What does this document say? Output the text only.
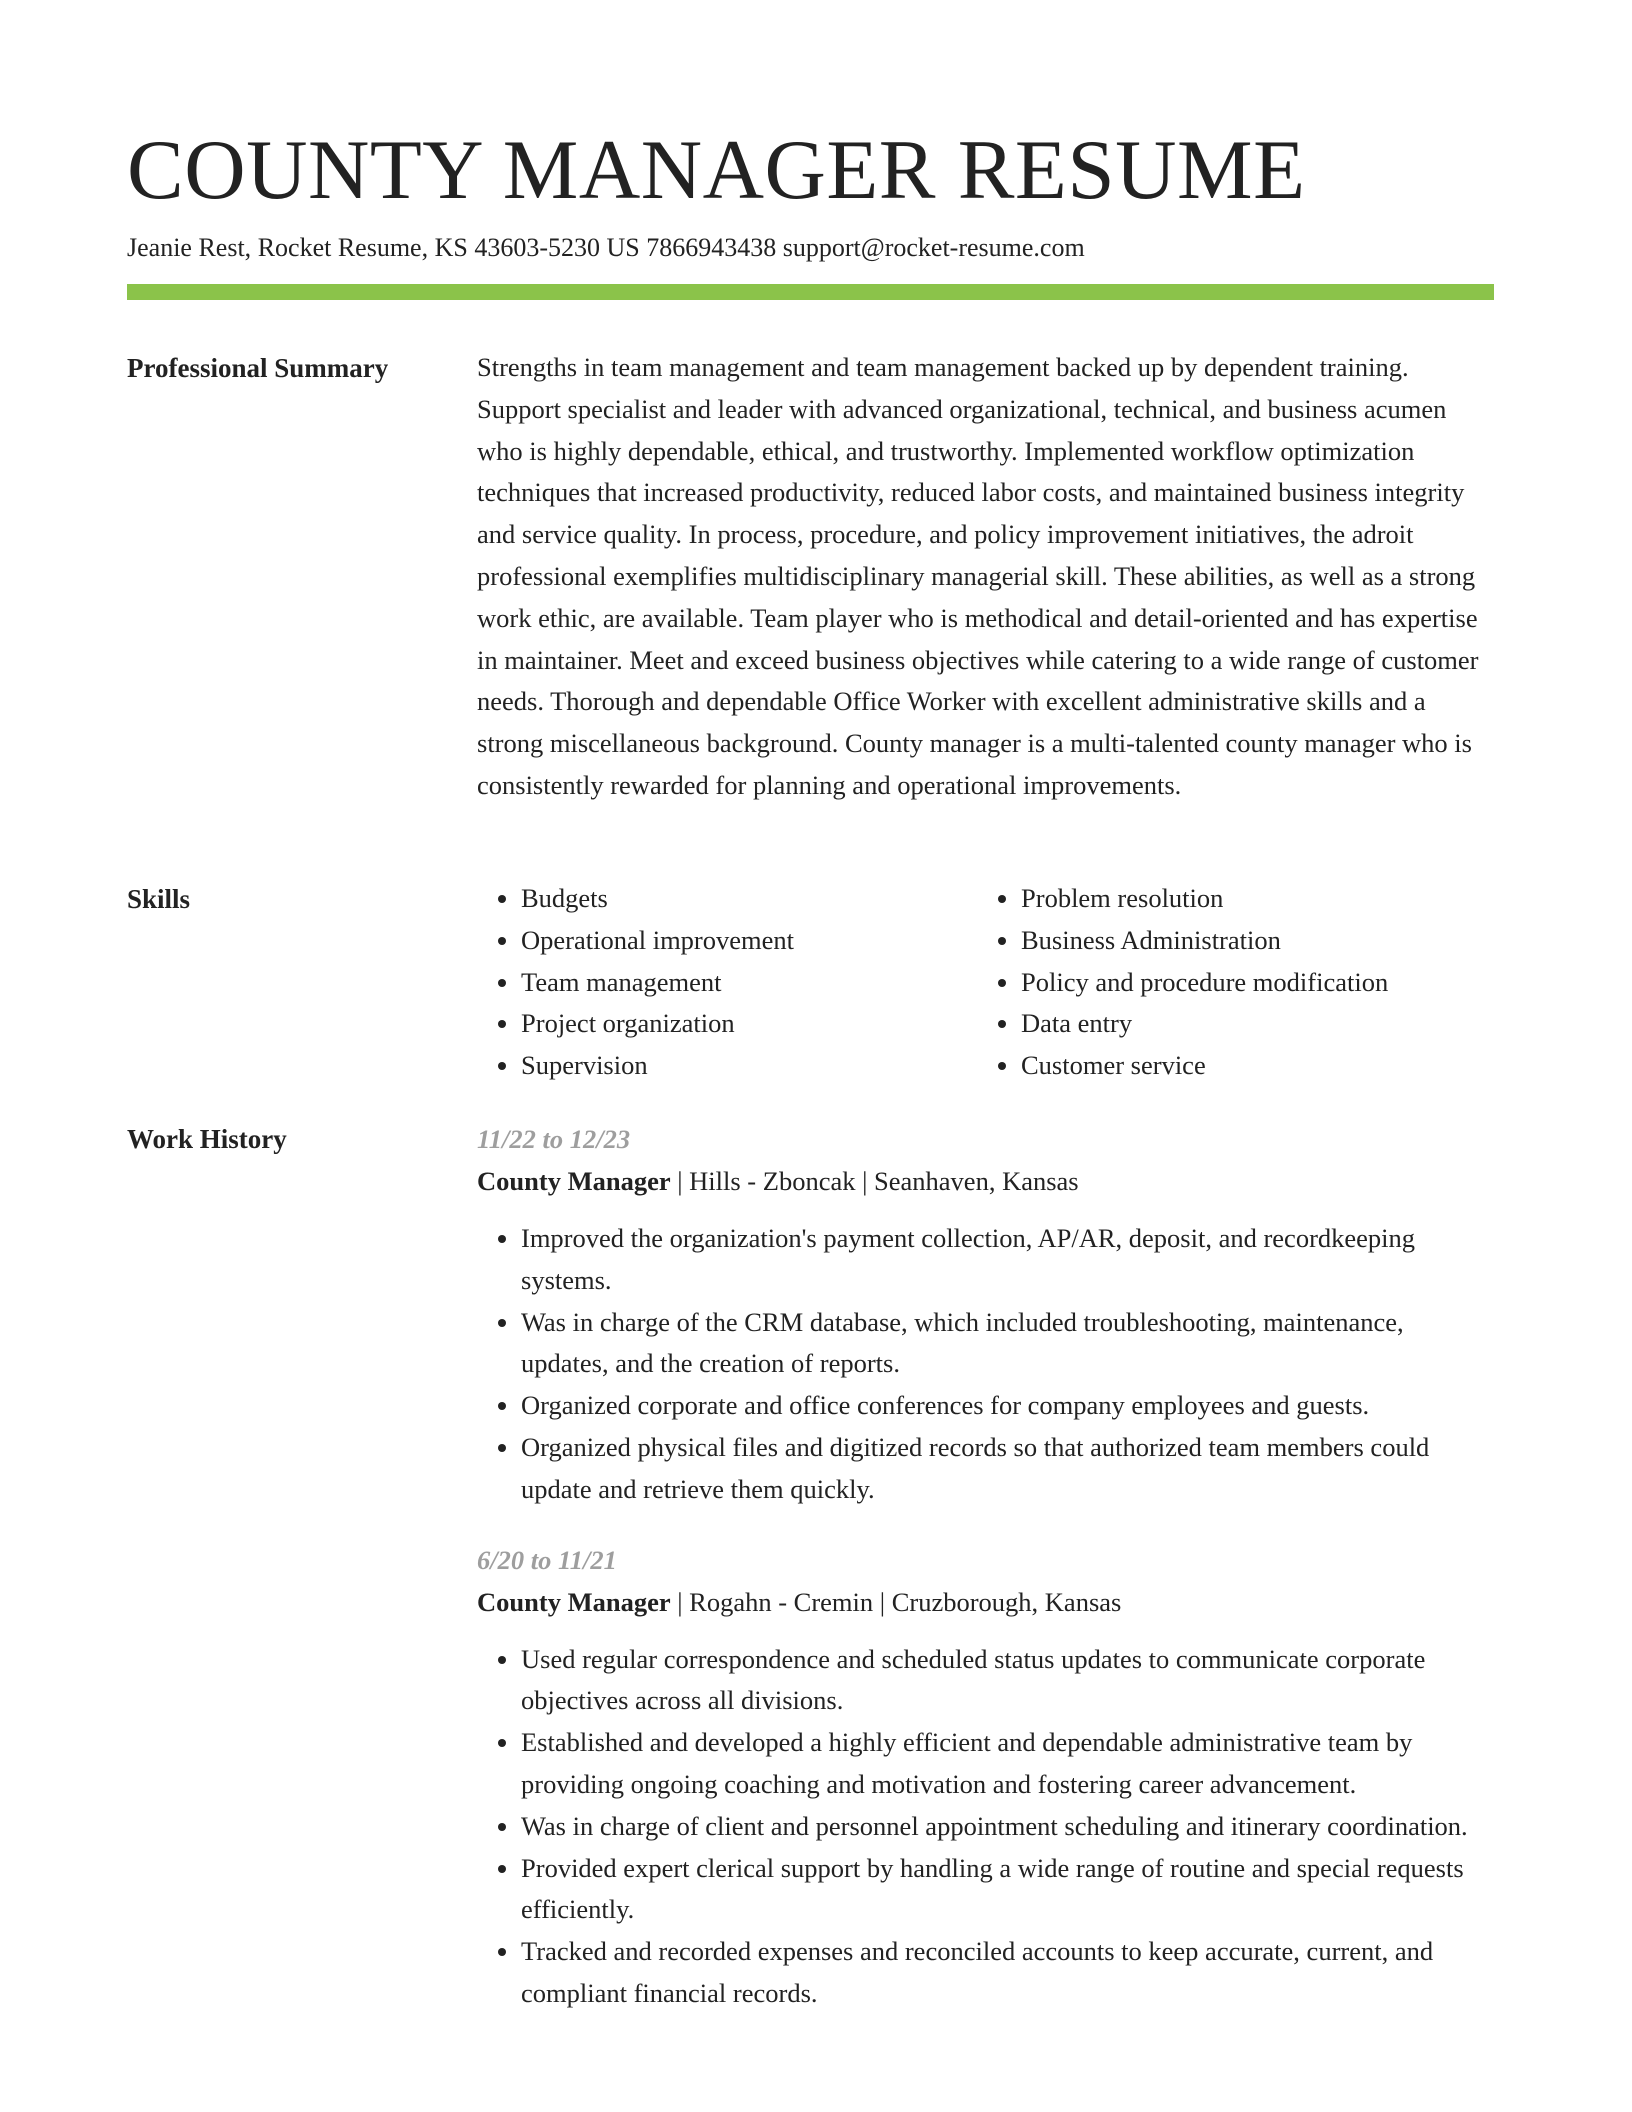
COUNTY MANAGER RESUME
Jeanie Rest, Rocket Resume, KS 43603-5230 US 7866943438 support@rocket-resume.com
Professional Summary	Strengths in team management and team management backed up by dependent training. Support specialist and leader with advanced organizational, technical, and business acumen who is highly dependable, ethical, and trustworthy. Implemented workflow optimization techniques that increased productivity, reduced labor costs, and maintained business integrity and service quality. In process, procedure, and policy improvement initiatives, the adroit professional exemplifies multidisciplinary managerial skill. These abilities, as well as a strong work ethic, are available. Team player who is methodical and detail-oriented and has expertise in maintainer. Meet and exceed business objectives while catering to a wide range of customer needs. Thorough and dependable Office Worker with excellent administrative skills and a strong miscellaneous background. County manager is a multi-talented county manager who is consistently rewarded for planning and operational improvements.

Skills
•	Budgets
• Operational improvement
• Team management
• Project organization
• Supervision
• Problem resolution
• Business Administration
• Policy and procedure modification
• Data entry
• Customer service
Work History	11/22 to 12/23
County Manager | Hills - Zboncak | Seanhaven, Kansas
• Improved the organization's payment collection, AP/AR, deposit, and recordkeeping systems.
• Was in charge of the CRM database, which included troubleshooting, maintenance, updates, and the creation of reports.
• Organized corporate and office conferences for company employees and guests.
• Organized physical files and digitized records so that authorized team members could update and retrieve them quickly.
6/20 to 11/21
County Manager | Rogahn - Cremin | Cruzborough, Kansas
• Used regular correspondence and scheduled status updates to communicate corporate objectives across all divisions.
• Established and developed a highly efficient and dependable administrative team by providing ongoing coaching and motivation and fostering career advancement.
• Was in charge of client and personnel appointment scheduling and itinerary coordination.
• Provided expert clerical support by handling a wide range of routine and special requests efficiently.
• Tracked and recorded expenses and reconciled accounts to keep accurate, current, and compliant financial records.
